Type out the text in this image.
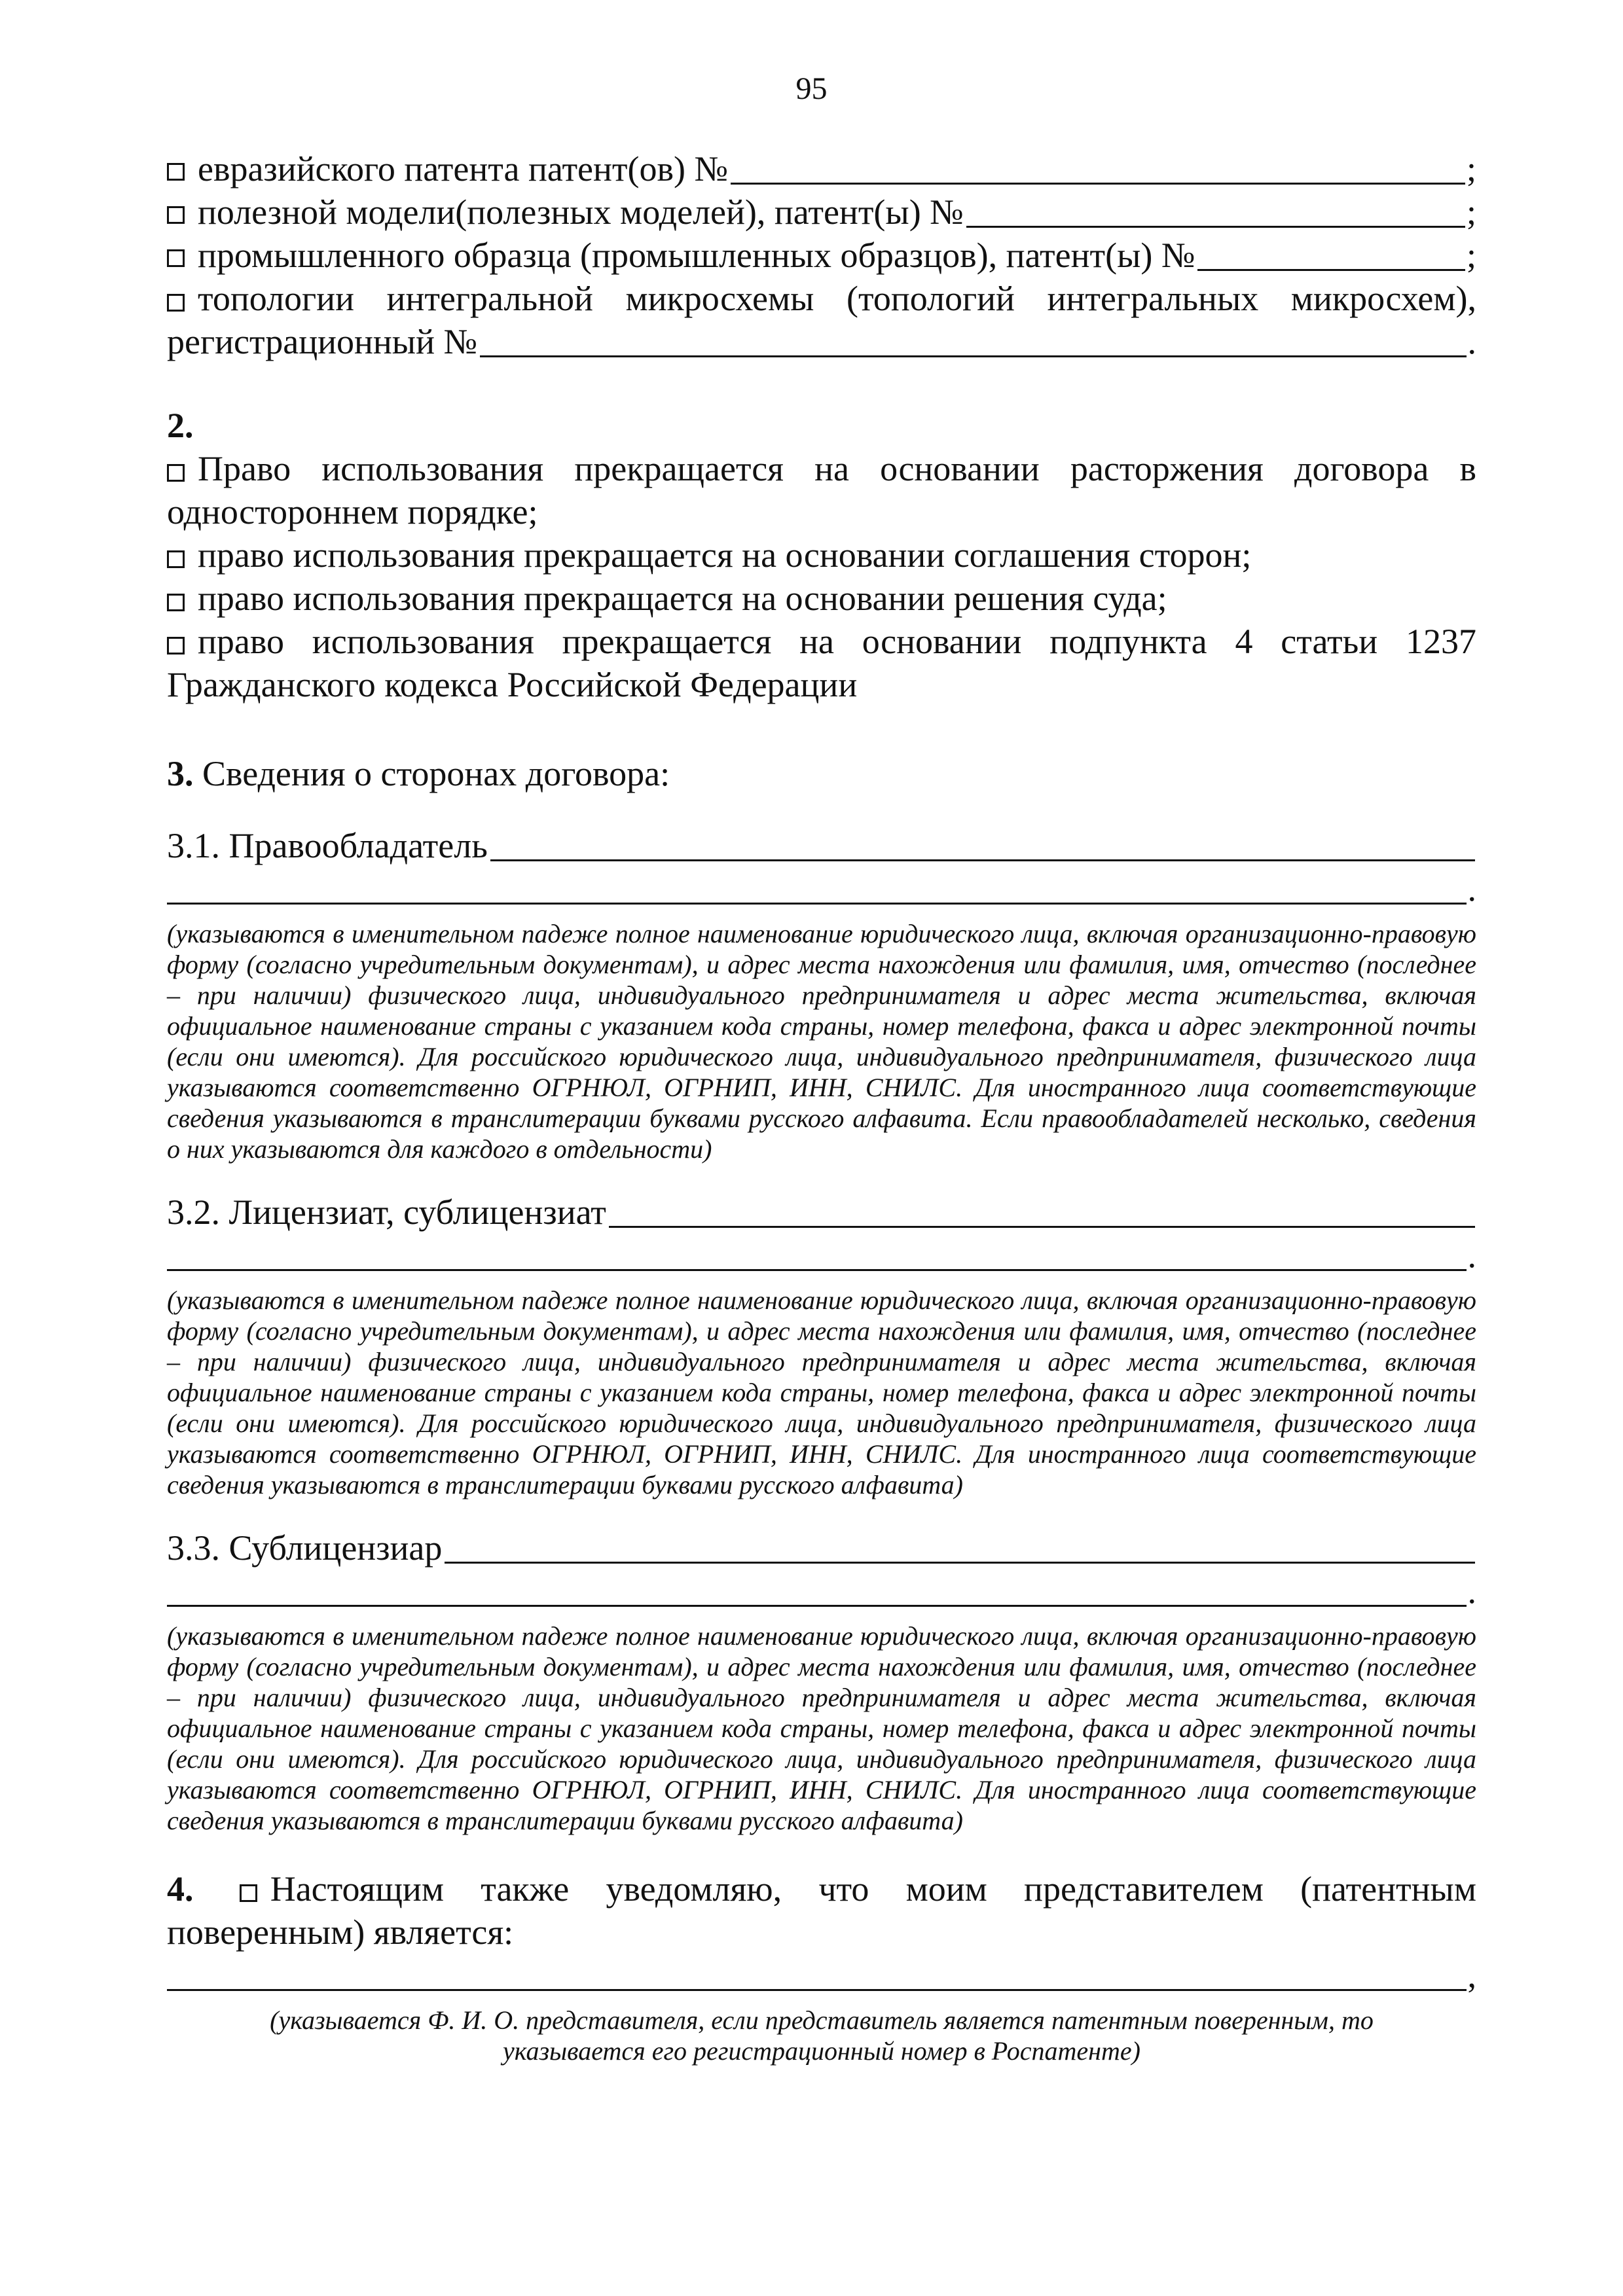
95
евразийского патента патент(ов) №	;
полезной модели(полезных моделей), патент(ы) №	;
промышленного образца (промышленных образцов), патент(ы) №	;
топологии интегральной микросхемы (топологий интегральных микросхем),
регистрационный №	.
2.
Право использования прекращается на основании расторжения договора в
одностороннем порядке;
право использования прекращается на основании соглашения сторон;
право использования прекращается на основании решения суда;
право использования прекращается на основании подпункта 4 статьи 1237
Гражданского кодекса Российской Федерации
3. Сведения о сторонах договора:
3.1. Правообладатель
.
(указываются в именительном падеже полное наименование юридического лица, включая организационно-правовую форму (согласно учредительным документам), и адрес места нахождения или фамилия, имя, отчество (последнее – при наличии) физического лица, индивидуального предпринимателя и адрес места жительства, включая официальное наименование страны с указанием кода страны, номер телефона, факса и адрес электронной почты (если они имеются). Для российского юридического лица, индивидуального предпринимателя, физического лица указываются соответственно ОГРНЮЛ, ОГРНИП, ИНН, СНИЛС. Для иностранного лица соответствующие сведения указываются в транслитерации буквами русского алфавита. Если правообладателей несколько, сведения о них указываются для каждого в отдельности)
3.2. Лицензиат, сублицензиат
.
(указываются в именительном падеже полное наименование юридического лица, включая организационно-правовую форму (согласно учредительным документам), и адрес места нахождения или фамилия, имя, отчество (последнее – при наличии) физического лица, индивидуального предпринимателя и адрес места жительства, включая официальное наименование страны с указанием кода страны, номер телефона, факса и адрес электронной почты (если они имеются). Для российского юридического лица, индивидуального предпринимателя, физического лица указываются соответственно ОГРНЮЛ, ОГРНИП, ИНН, СНИЛС. Для иностранного лица соответствующие сведения указываются в транслитерации буквами русского алфавита)
3.3. Сублицензиар
.
(указываются в именительном падеже полное наименование юридического лица, включая организационно-правовую форму (согласно учредительным документам), и адрес места нахождения или фамилия, имя, отчество (последнее – при наличии) физического лица, индивидуального предпринимателя и адрес места жительства, включая официальное наименование страны с указанием кода страны, номер телефона, факса и адрес электронной почты (если они имеются). Для российского юридического лица, индивидуального предпринимателя, физического лица указываются соответственно ОГРНЮЛ, ОГРНИП, ИНН, СНИЛС. Для иностранного лица соответствующие сведения указываются в транслитерации буквами русского алфавита)
4. Настоящим также уведомляю, что моим представителем (патентным
поверенным) является:
,
(указывается Ф. И. О. представителя, если представитель является патентным поверенным, то
указывается его регистрационный номер в Роспатенте)
